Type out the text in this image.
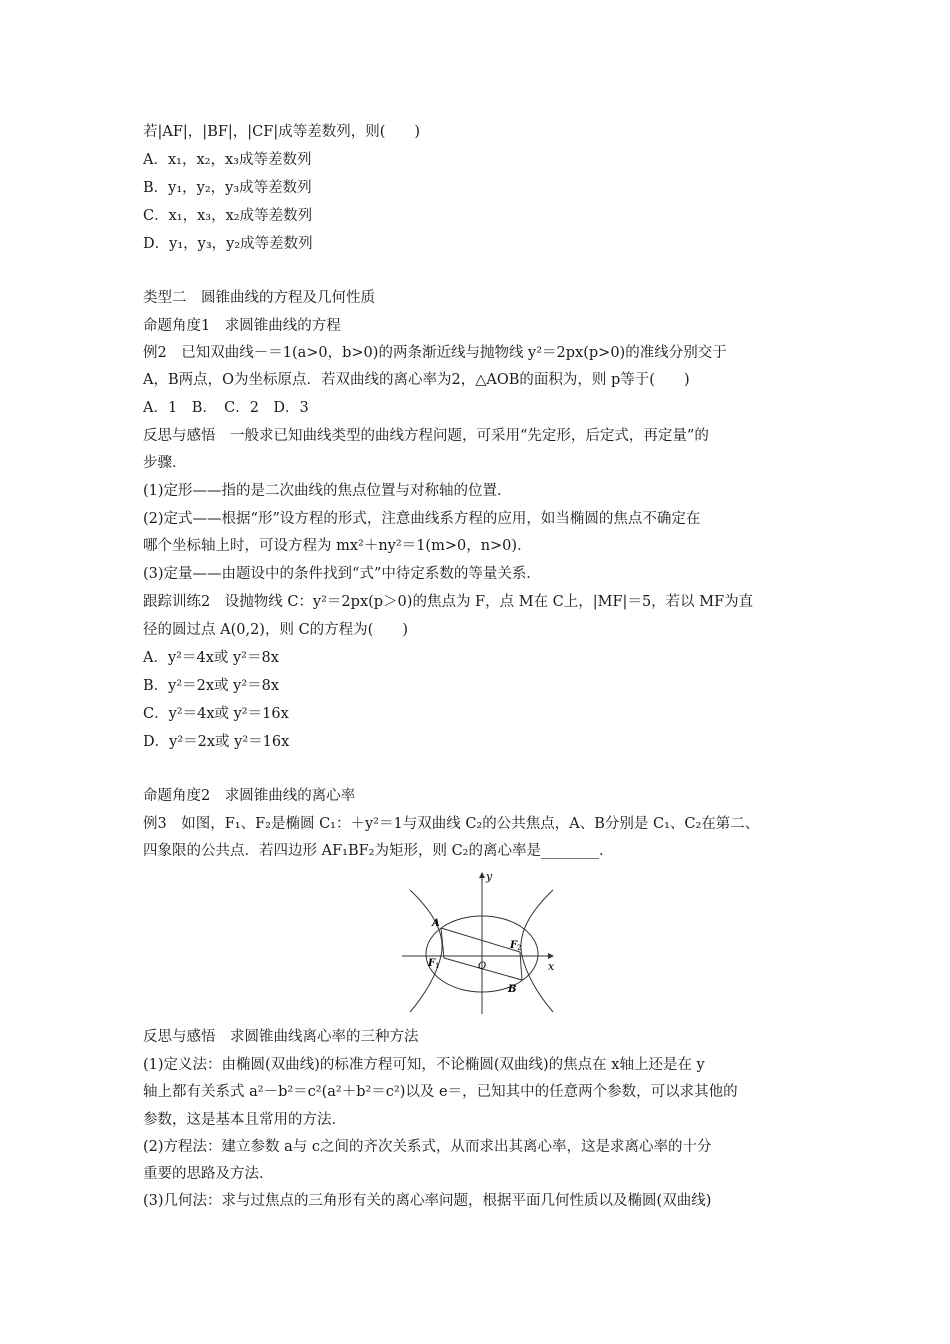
若|AF|，|BF|，|CF|成等差数列，则(　　)
A．x₁，x₂，x₃成等差数列
B．y₁，y₂，y₃成等差数列
C．x₁，x₃，x₂成等差数列
D．y₁，y₃，y₂成等差数列
类型二　圆锥曲线的方程及几何性质
命题角度1　求圆锥曲线的方程
例2　已知双曲线－＝1(a>0，b>0)的两条渐近线与抛物线 y²＝2px(p>0)的准线分别交于
A，B两点，O为坐标原点．若双曲线的离心率为2，△AOB的面积为，则 p等于(　　)
A．1　B．　C．2　D．3
反思与感悟　一般求已知曲线类型的曲线方程问题，可采用“先定形，后定式，再定量”的
步骤．
(1)定形——指的是二次曲线的焦点位置与对称轴的位置．
(2)定式——根据“形”设方程的形式，注意曲线系方程的应用，如当椭圆的焦点不确定在
哪个坐标轴上时，可设方程为 mx²＋ny²＝1(m>0，n>0)．
(3)定量——由题设中的条件找到“式”中待定系数的等量关系．
跟踪训练2　设抛物线 C：y²＝2px(p＞0)的焦点为 F，点 M在 C上，|MF|＝5，若以 MF为直
径的圆过点 A(0,2)，则 C的方程为(　　)
A．y²＝4x或 y²＝8x
B．y²＝2x或 y²＝8x
C．y²＝4x或 y²＝16x
D．y²＝2x或 y²＝16x
命题角度2　求圆锥曲线的离心率
例3　如图，F₁、F₂是椭圆 C₁：＋y²＝1与双曲线 C₂的公共焦点，A、B分别是 C₁、C₂在第二、
四象限的公共点．若四边形 AF₁BF₂为矩形，则 C₂的离心率是________．
y
x
O
A
B
F 1
F 2
反思与感悟　求圆锥曲线离心率的三种方法
(1)定义法：由椭圆(双曲线)的标准方程可知，不论椭圆(双曲线)的焦点在 x轴上还是在 y
轴上都有关系式 a²－b²＝c²(a²＋b²＝c²)以及 e＝，已知其中的任意两个参数，可以求其他的
参数，这是基本且常用的方法．
(2)方程法：建立参数 a与 c之间的齐次关系式，从而求出其离心率，这是求离心率的十分
重要的思路及方法．
(3)几何法：求与过焦点的三角形有关的离心率问题，根据平面几何性质以及椭圆(双曲线)
